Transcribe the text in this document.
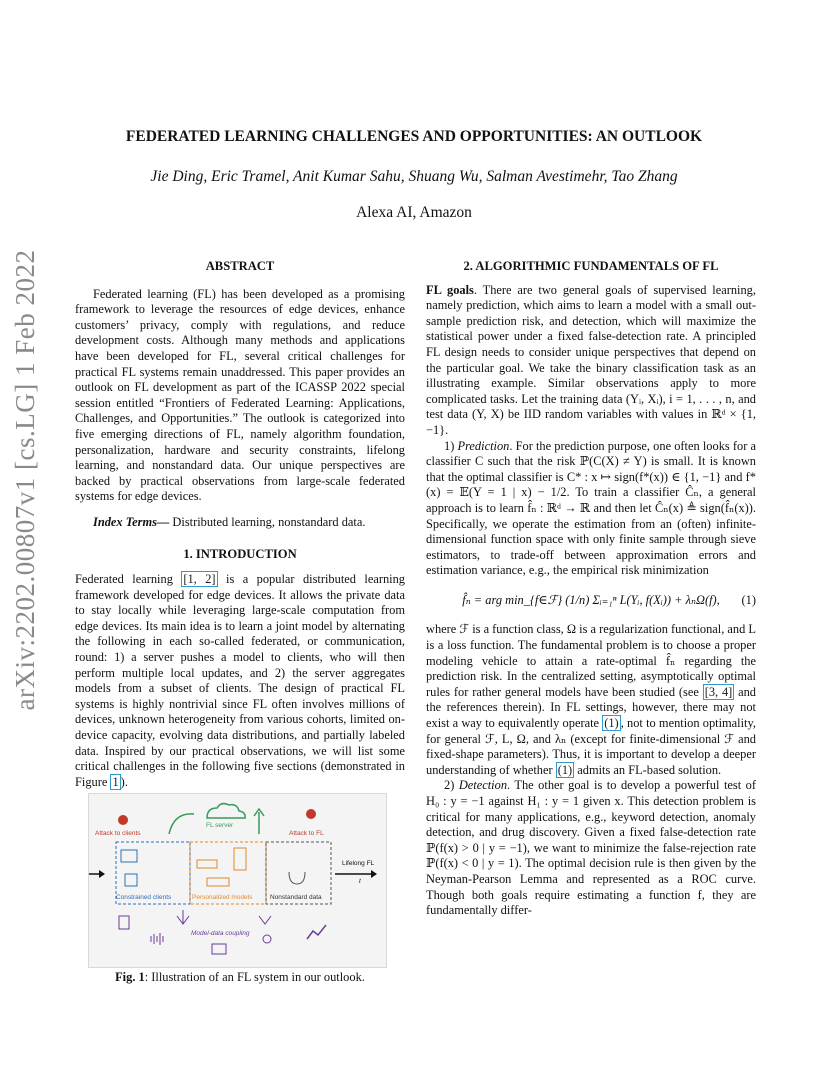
arXiv:2202.00807v1 [cs.LG] 1 Feb 2022
FEDERATED LEARNING CHALLENGES AND OPPORTUNITIES: AN OUTLOOK
Jie Ding, Eric Tramel, Anit Kumar Sahu, Shuang Wu, Salman Avestimehr, Tao Zhang
Alexa AI, Amazon

ABSTRACT

Federated learning (FL) has been developed as a promising framework to leverage the resources of edge devices, enhance customers’ privacy, comply with regulations, and reduce development costs. Although many methods and applications have been developed for FL, several critical challenges for practical FL systems remain unaddressed. This paper provides an outlook on FL development as part of the ICASSP 2022 special session entitled “Frontiers of Federated Learning: Applications, Challenges, and Opportunities.” The outlook is categorized into five emerging directions of FL, namely algorithm foundation, personalization, hardware and security constraints, lifelong learning, and nonstandard data. Our unique perspectives are backed by practical observations from large-scale federated systems for edge devices.

Index Terms— Distributed learning, nonstandard data.

1. INTRODUCTION

Federated learning [1, 2] is a popular distributed learning framework developed for edge devices. It allows the private data to stay locally while leveraging large-scale computation from edge devices. Its main idea is to learn a joint model by alternating the following in each so-called federated, or communication, round: 1) a server pushes a model to clients, who will then perform multiple local updates, and 2) the server aggregates models from a subset of clients. The design of practical FL systems is highly nontrivial since FL often involves millions of devices, unknown heterogeneity from various cohorts, limited on-device capacity, evolving data distributions, and partially labeled data. Inspired by our practical observations, we will list some critical challenges in the following five sections (demonstrated in Figure 1 ).

FL server
Attack to clients	Attack to FL
Constrained clients	Personalized models	Nonstandard data
Lifelong FL
t
Model-data coupling
Fig. 1: Illustration of an FL system in our outlook.

2. ALGORITHMIC FUNDAMENTALS OF FL

FL goals. There are two general goals of supervised learning, namely prediction, which aims to learn a model with a small out-sample prediction risk, and detection, which will maximize the statistical power under a fixed false-detection rate. A principled FL design needs to consider unique perspectives that depend on the particular goal. We take the binary classification task as an illustrating example. Similar observations apply to more complicated tasks. Let the training data (Yᵢ, Xᵢ), i = 1, . . . , n, and test data (Y, X) be IID random variables with values in ℝᵈ × {1, −1}.

1) Prediction. For the prediction purpose, one often looks for a classifier C such that the risk ℙ(C(X) ≠ Y) is small. It is known that the optimal classifier is C* : x ↦ sign(f*(x)) ∈ {1, −1} and f*(x) = 𝔼(Y = 1 | x) − 1/2. To train a classifier Ĉₙ, a general approach is to learn f̂ₙ : ℝᵈ → ℝ and then let Ĉₙ(x) ≜ sign(f̂ₙ(x)). Specifically, we operate the estimation from an (often) infinite-dimensional function space with only finite sample through sieve estimators, to trade-off between approximation errors and estimation variance, e.g., the empirical risk minimization

f̂ₙ = arg min_{f∈ℱ} (1/n) Σᵢ₌₁ⁿ L(Yᵢ, f(Xᵢ)) + λₙΩ(f), (1)

where ℱ is a function class, Ω is a regularization functional, and L is a loss function. The fundamental problem is to choose a proper modeling vehicle to attain a rate-optimal f̂ₙ regarding the prediction risk. In the centralized setting, asymptotically optimal rules for rather general models have been studied (see [3, 4] and the references therein). In FL settings, however, there may not exist a way to equivalently operate (1) , not to mention optimality, for general ℱ, L, Ω, and λₙ (except for finite-dimensional ℱ and fixed-shape parameters). Thus, it is important to develop a deeper understanding of whether (1) admits an FL-based solution.

2) Detection. The other goal is to develop a powerful test of H₀ : y = −1 against H₁ : y = 1 given x. This detection problem is critical for many applications, e.g., keyword detection, anomaly detection, and drug discovery. Given a fixed false-detection rate ℙ(f(x) > 0 | y = −1), we want to minimize the false-rejection rate ℙ(f(x) < 0 | y = 1). The optimal decision rule is then given by the Neyman-Pearson Lemma and represented as a ROC curve. Though both goals require estimating a function f, they are fundamentally differ-
